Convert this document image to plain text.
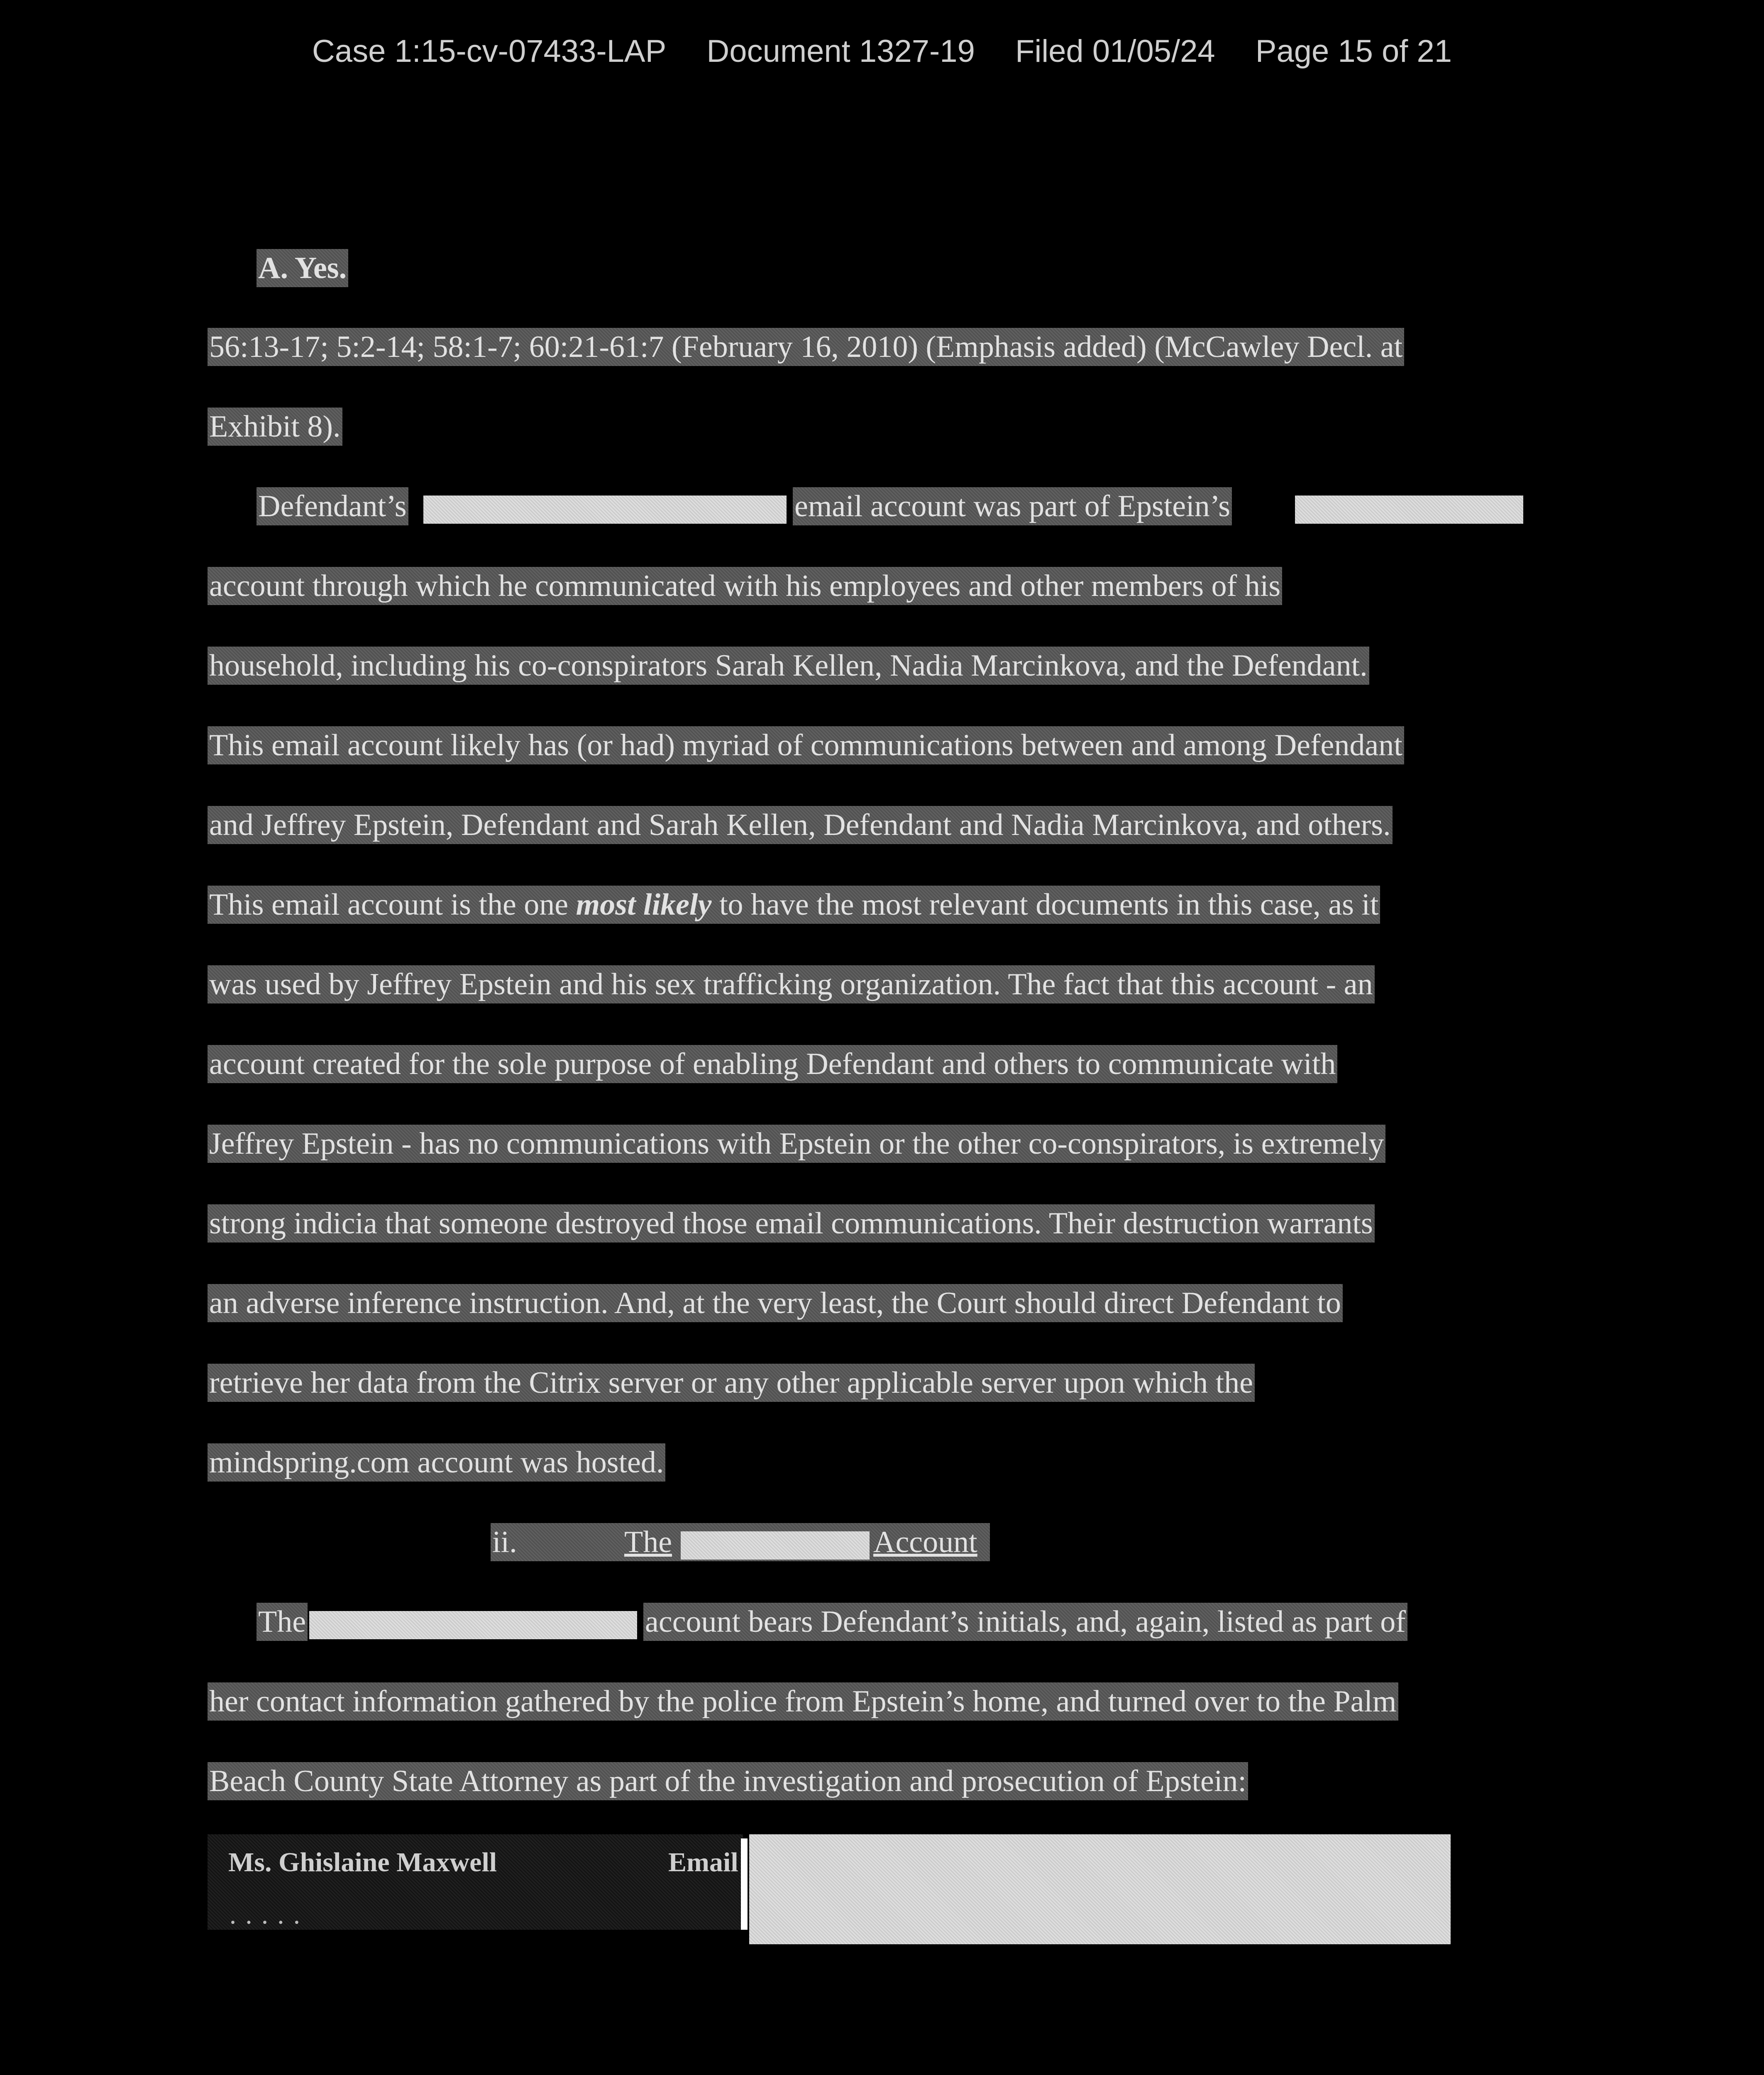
Case 1:15-cv-07433-LAP Document 1327-19 Filed 01/05/24 Page 15 of 21
A. Yes.
56:13-17; 5:2-14; 58:1-7; 60:21-61:7 (February 16, 2010) (Emphasis added) (McCawley Decl. at
Exhibit 8).
Defendant’s	email account was part of Epstein’s
account through which he communicated with his employees and other members of his
household, including his co-conspirators Sarah Kellen, Nadia Marcinkova, and the Defendant.
This email account likely has (or had) myriad of communications between and among Defendant
and Jeffrey Epstein, Defendant and Sarah Kellen, Defendant and Nadia Marcinkova, and others.
This email account is the one most likely to have the most relevant documents in this case, as it
was used by Jeffrey Epstein and his sex trafficking organization. The fact that this account - an
account created for the sole purpose of enabling Defendant and others to communicate with
Jeffrey Epstein - has no communications with Epstein or the other co-conspirators, is extremely
strong indicia that someone destroyed those email communications. Their destruction warrants
an adverse inference instruction. And, at the very least, the Court should direct Defendant to
retrieve her data from the Citrix server or any other applicable server upon which the
mindspring.com account was hosted.
ii.	The	Account
The	account bears Defendant’s initials, and, again, listed as part of
her contact information gathered by the police from Epstein’s home, and turned over to the Palm
Beach County State Attorney as part of the investigation and prosecution of Epstein:
Ms. Ghislaine Maxwell	Email
· · · · ·
